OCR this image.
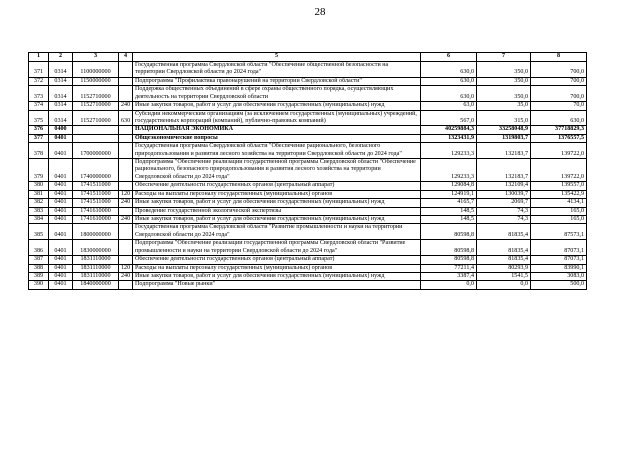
28
1	2	3	4	5	6	7	8
371	0314	1100000000		Государственная программа Свердловской области "Обеспечение общественной безопасности на территории Свердловской области до 2024 года"	630,0	350,0	700,0
372	0314	1150000000		Подпрограмма "Профилактика правонарушений на территории Свердловской области"	630,0	350,0	700,0
373	0314	1152710000		Поддержка общественных объединений в сфере охраны общественного порядка, осуществляющих деятельность на территории Свердловской области	630,0	350,0	700,0
374	0314	1152710000	240	Иные закупки товаров, работ и услуг для обеспечения государственных (муниципальных) нужд	63,0	35,0	70,0
375	0314	1152710000	630	Субсидии некоммерческим организациям (за исключением государственных (муниципальных) учреждений, государственных корпораций (компаний), публично-правовых компаний)	567,0	315,0	630,0
376	0400			НАЦИОНАЛЬНАЯ ЭКОНОМИКА	40259884,3	33258048,9	37718829,3
377	0401			Общеэкономические вопросы	1323431,9	1319803,7	1376557,5
378	0401	1700000000		Государственная программа Свердловской области "Обеспечение рационального, безопасного природопользования и развития лесного хозяйства на территории Свердловской области до 2024 года"	129233,3	132183,7	139722,0
379	0401	1740000000		Подпрограмма "Обеспечение реализации государственной программы Свердловской области "Обеспечение рационального, безопасного природопользования и развития лесного хозяйства на территории Свердловской области до 2024 года"	129233,3	132183,7	139722,0
380	0401	1741511000		Обеспечение деятельности государственных органов (центральный аппарат)	129084,8	132109,4	139557,0
381	0401	1741511000	120	Расходы на выплаты персоналу государственных (муниципальных) органов	124919,1	130039,7	135422,9
382	0401	1741511000	240	Иные закупки товаров, работ и услуг для обеспечения государственных (муниципальных) нужд	4165,7	2069,7	4134,1
383	0401	1741610000		Проведение государственной экологической экспертизы	148,5	74,3	165,0
384	0401	1741610000	240	Иные закупки товаров, работ и услуг для обеспечения государственных (муниципальных) нужд	148,5	74,3	165,0
385	0401	1800000000		Государственная программа Свердловской области "Развитие промышленности и науки на территории Свердловской области до 2024 года"	80598,8	81835,4	87573,1
386	0401	1830000000		Подпрограмма "Обеспечение реализации государственной программы Свердловской области "Развитие промышленности и науки на территории Свердловской области до 2024 года"	80598,8	81835,4	87073,1
387	0401	1831110000		Обеспечение деятельности государственных органов (центральный аппарат)	80598,8	81835,4	87073,1
388	0401	1831110000	120	Расходы на выплаты персоналу государственных (муниципальных) органов	77211,4	80293,9	83990,1
389	0401	1831110000	240	Иные закупки товаров, работ и услуг для обеспечения государственных (муниципальных) нужд	3387,4	1541,5	3083,0
390	0401	1840000000		Подпрограмма "Новые рынки"	0,0	0,0	500,0
